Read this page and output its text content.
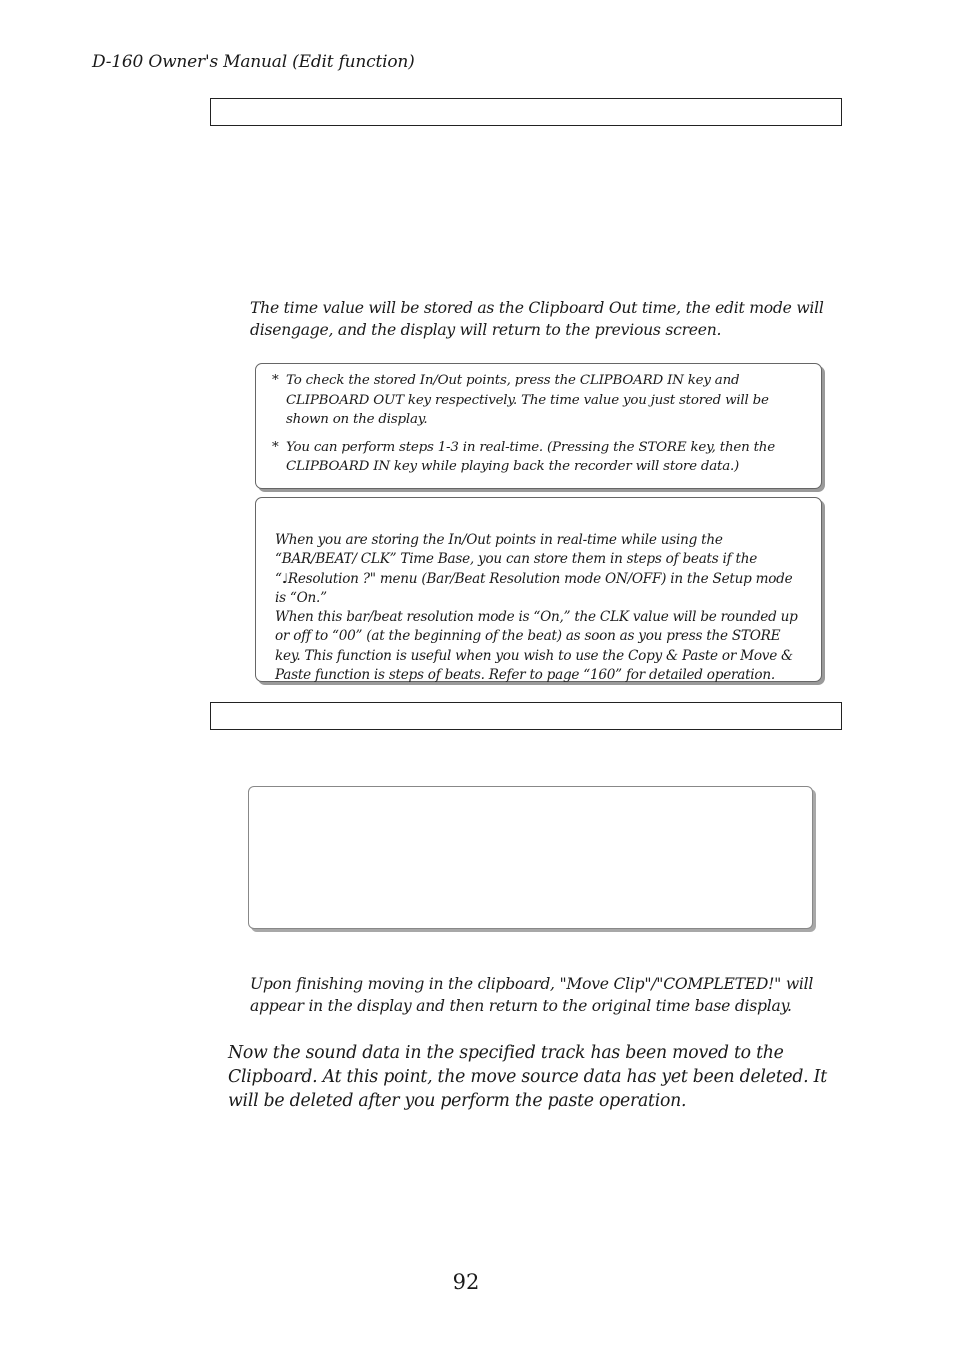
D-160 Owner's Manual (Edit function)

The time value will be stored as the Clipboard Out time, the edit mode will disengage, and the display will return to the previous screen.

* To check the stored In/Out points, press the CLIPBOARD IN key and CLIPBOARD OUT key respectively. The time value you just stored will be shown on the display.

* You can perform steps 1-3 in real-time. (Pressing the STORE key, then the CLIPBOARD IN key while playing back the recorder will store data.)

When you are storing the In/Out points in real-time while using the “BAR/BEAT/ CLK” Time Base, you can store them in steps of beats if the “♩Resolution ?" menu (Bar/Beat Resolution mode ON/OFF) in the Setup mode is “On.”

When this bar/beat resolution mode is “On,” the CLK value will be rounded up or off to “00” (at the beginning of the beat) as soon as you press the STORE key. This function is useful when you wish to use the Copy & Paste or Move & Paste function is steps of beats. Refer to page “160” for detailed operation.

Upon finishing moving in the clipboard, "Move Clip"/"COMPLETED!" will appear in the display and then return to the original time base display.

Now the sound data in the specified track has been moved to the Clipboard. At this point, the move source data has yet been deleted. It will be deleted after you perform the paste operation.

92
